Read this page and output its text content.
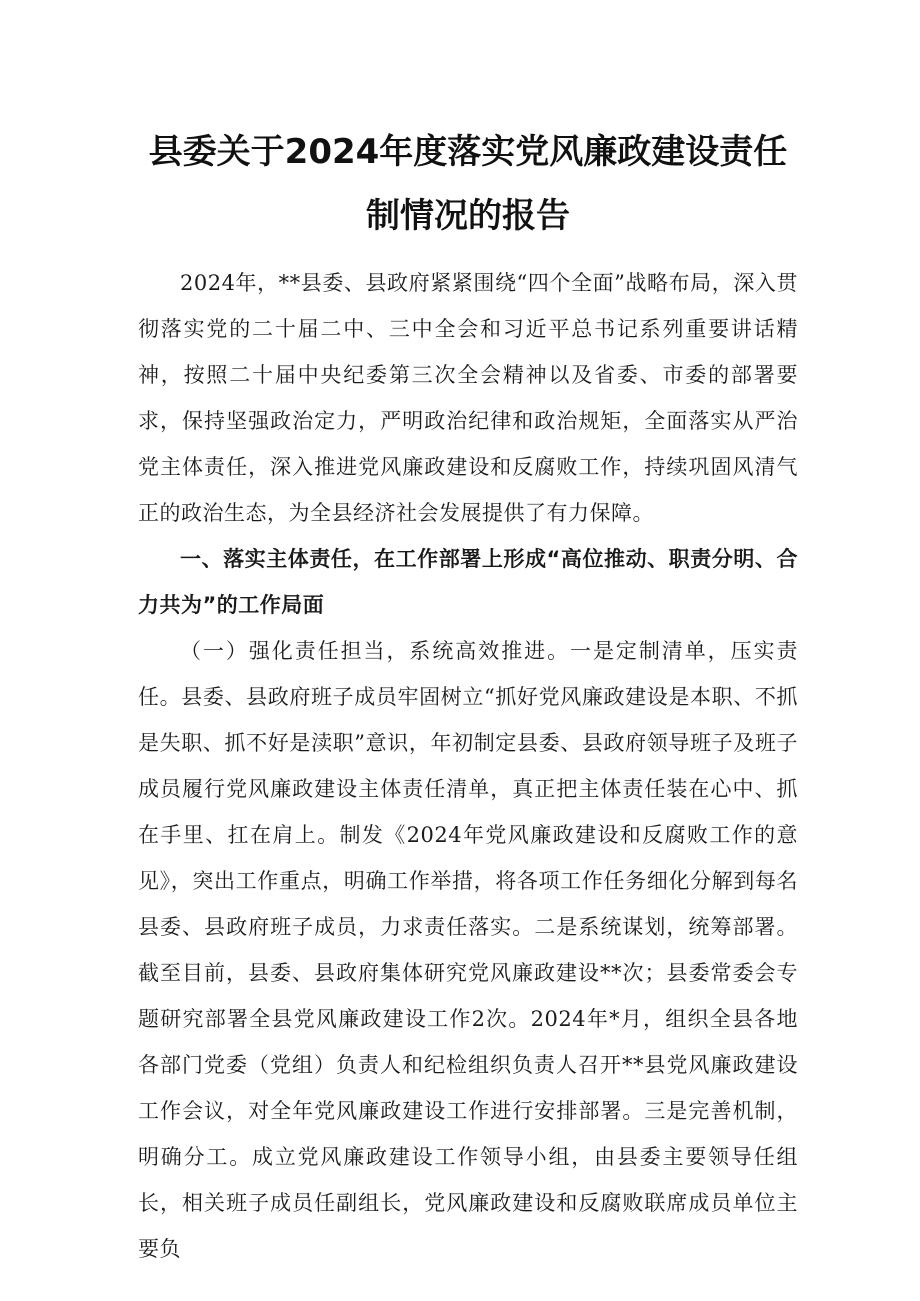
县委关于2024年度落实党风廉政建设责任
制情况的报告

2024年，**县委、县政府紧紧围绕“四个全面”战略布局，深入贯彻落实党的二十届二中、三中全会和习近平总书记系列重要讲话精神，按照二十届中央纪委第三次全会精神以及省委、市委的部署要求，保持坚强政治定力，严明政治纪律和政治规矩，全面落实从严治党主体责任，深入推进党风廉政建设和反腐败工作，持续巩固风清气正的政治生态，为全县经济社会发展提供了有力保障。

一、落实主体责任，在工作部署上形成“高位推动、职责分明、合力共为”的工作局面

（一）强化责任担当，系统高效推进。一是定制清单，压实责任。县委、县政府班子成员牢固树立“抓好党风廉政建设是本职、不抓是失职、抓不好是渎职”意识，年初制定县委、县政府领导班子及班子成员履行党风廉政建设主体责任清单，真正把主体责任装在心中、抓在手里、扛在肩上。制发《2024年党风廉政建设和反腐败工作的意见》，突出工作重点，明确工作举措，将各项工作任务细化分解到每名县委、县政府班子成员，力求责任落实。二是系统谋划，统筹部署。截至目前，县委、县政府集体研究党风廉政建设**次；县委常委会专题研究部署全县党风廉政建设工作2次。2024年*月，组织全县各地各部门党委（党组）负责人和纪检组织负责人召开**县党风廉政建设工作会议，对全年党风廉政建设工作进行安排部署。三是完善机制，明确分工。成立党风廉政建设工作领导小组，由县委主要领导任组长，相关班子成员任副组长，党风廉政建设和反腐败联席成员单位主要负
